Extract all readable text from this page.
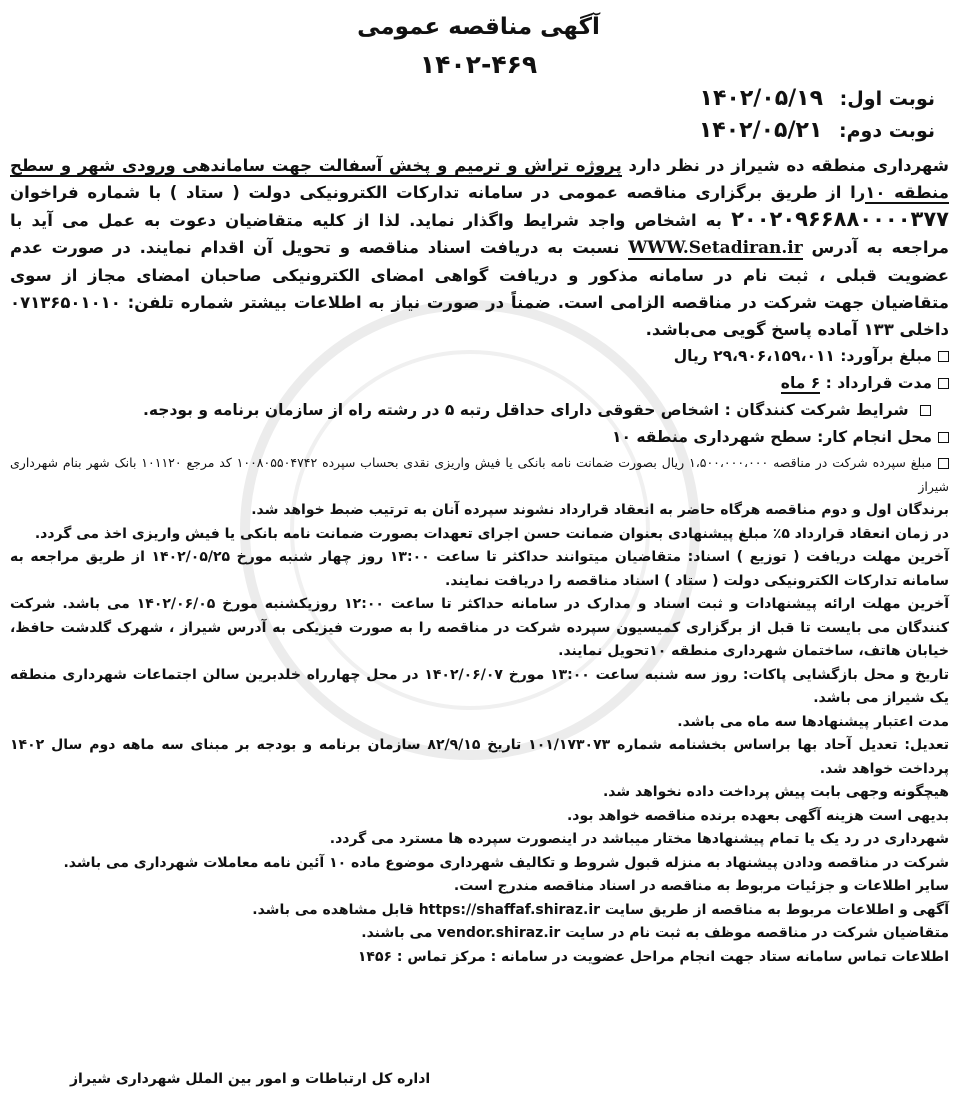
آگهی مناقصه عمومی
۱۴۰۲-۴۶۹
نوبت اول: ۱۴۰۲/۰۵/۱۹
نوبت دوم: ۱۴۰۲/۰۵/۲۱

شهرداری منطقه ده شیراز در نظر دارد پروژه تراش و ترمیم و پخش آسفالت جهت ساماندهی ورودی شهر و سطح منطقه ۱۰را از طریق برگزاری مناقصه عمومی در سامانه تدارکات الکترونیکی دولت ( ستاد ) با شماره فراخوان ۲۰۰۲۰۹۶۶۸۸۰۰۰۰۳۷۷ به اشخاص واجد شرایط واگذار نماید. لذا از کلیه متقاضیان دعوت به عمل می آید با مراجعه به آدرس WWW.Setadiran.ir نسبت به دریافت اسناد مناقصه و تحویل آن اقدام نمایند. در صورت عدم عضویت قبلی ، ثبت نام در سامانه مذکور و دریافت گواهی امضای الکترونیکی صاحبان امضای مجاز از سوی متقاضیان جهت شرکت در مناقصه الزامی است. ضمناً در صورت نیاز به اطلاعات بیشتر شماره تلفن: ۰۷۱۳۶۵۰۱۰۱۰ داخلی ۱۳۳ آماده پاسخ گویی می‌باشد.

مبلغ برآورد: ۲۹،۹۰۶،۱۵۹،۰۱۱ ریال

مدت قرارداد : ۶ ماه

شرایط شرکت کنندگان : اشخاص حقوقی دارای حداقل رتبه ۵ در رشته راه از سازمان برنامه و بودجه.

محل انجام کار: سطح شهرداری منطقه ۱۰

مبلغ سپرده شرکت در مناقصه ۱،۵۰۰،۰۰۰،۰۰۰ ریال بصورت ضمانت نامه بانکی یا فیش واریزی نقدی بحساب سپرده ۱۰۰۸۰۵۵۰۴۷۴۲ کد مرجع ۱۰۱۱۲۰ بانک شهر بنام شهرداری شیراز

برندگان اول و دوم مناقصه هرگاه حاضر به انعقاد قرارداد نشوند سپرده آنان به ترتیب ضبط خواهد شد.

در زمان انعقاد قرارداد ۵٪ مبلغ پیشنهادی بعنوان ضمانت حسن اجرای تعهدات بصورت ضمانت نامه بانکی یا فیش واریزی اخذ می گردد.

آخرین مهلت دریافت ( توزیع ) اسناد: متقاضیان میتوانند حداکثر تا ساعت ۱۳:۰۰ روز چهار شنبه مورخ ۱۴۰۲/۰۵/۲۵ از طریق مراجعه به سامانه تدارکات الکترونیکی دولت ( ستاد ) اسناد مناقصه را دریافت نمایند.

آخرین مهلت ارائه پیشنهادات و ثبت اسناد و مدارک در سامانه حداکثر تا ساعت ۱۲:۰۰ روزیکشنبه مورخ ۱۴۰۲/۰۶/۰۵ می باشد. شرکت کنندگان می بایست تا قبل از برگزاری کمیسیون سپرده شرکت در مناقصه را به صورت فیزیکی به آدرس شیراز ، شهرک گلدشت حافظ، خیابان هاتف، ساختمان شهرداری منطقه ۱۰تحویل نمایند.

تاریخ و محل بازگشایی پاکات: روز سه شنبه ساعت ۱۳:۰۰ مورخ ۱۴۰۲/۰۶/۰۷ در محل چهارراه خلدبرین سالن اجتماعات شهرداری منطقه یک شیراز می باشد.

مدت اعتبار پیشنهادها سه ماه می باشد.

تعدیل: تعدیل آحاد بها براساس بخشنامه شماره ۱۰۱/۱۷۳۰۷۳ تاریخ ۸۲/۹/۱۵ سازمان برنامه و بودجه بر مبنای سه ماهه دوم سال ۱۴۰۲ پرداخت خواهد شد.

هیچگونه وجهی بابت پیش پرداخت داده نخواهد شد.

بدیهی است هزینه آگهی بعهده برنده مناقصه خواهد بود.

شهرداری در رد یک یا تمام پیشنهادها مختار میباشد در اینصورت سپرده ها مسترد می گردد.

شرکت در مناقصه ودادن پیشنهاد به منزله قبول شروط و تکالیف شهرداری موضوع ماده ۱۰ آئین نامه معاملات شهرداری می باشد.

سایر اطلاعات و جزئیات مربوط به مناقصه در اسناد مناقصه مندرج است.

آگهی و اطلاعات مربوط به مناقصه از طریق سایت https://shaffaf.shiraz.ir قابل مشاهده می باشد.

متقاضیان شرکت در مناقصه موظف به ثبت نام در سایت vendor.shiraz.ir می باشند.

اطلاعات تماس سامانه ستاد جهت انجام مراحل عضویت در سامانه : مرکز تماس : ۱۴۵۶

اداره کل ارتباطات و امور بین الملل شهرداری شیراز
